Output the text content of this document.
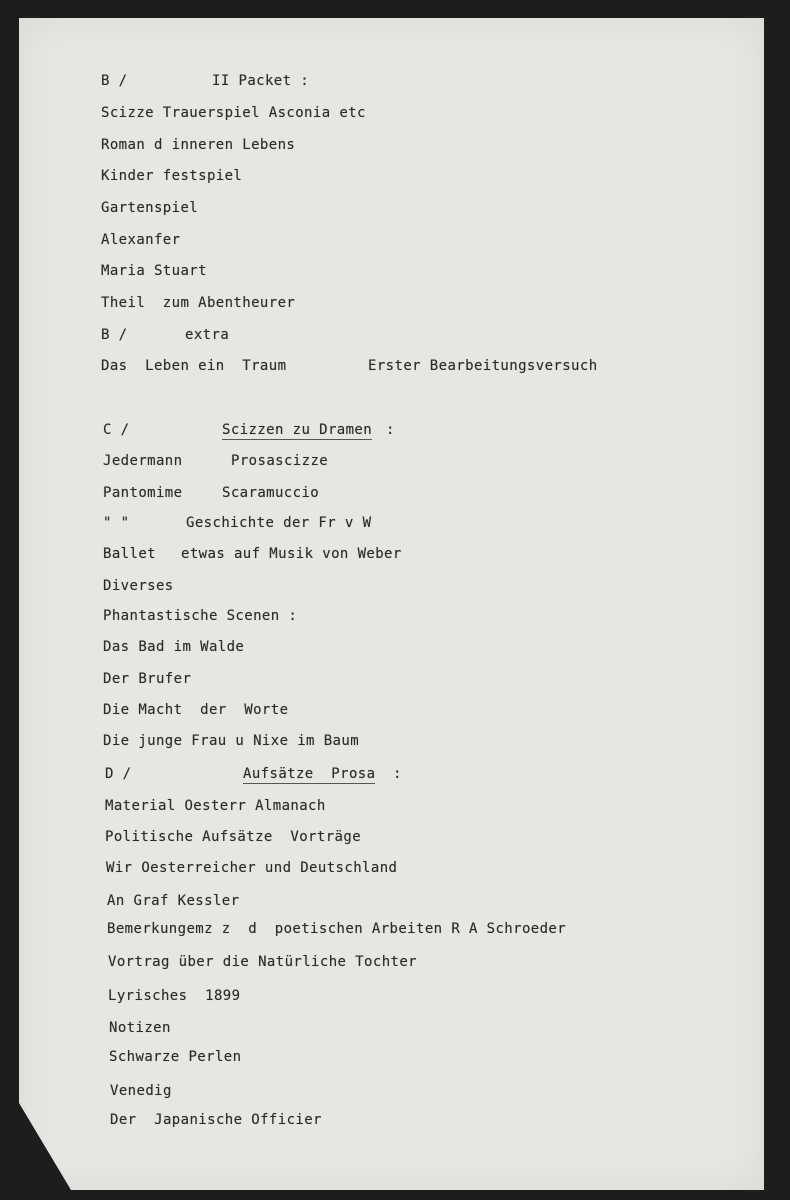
B /	II Packet :
Scizze Trauerspiel Asconia etc
Roman d inneren Lebens
Kinder festspiel
Gartenspiel
Alexanfer
Maria Stuart
Theil  zum Abentheurer
B /	extra
Das  Leben ein  Traum	Erster Bearbeitungsversuch
C /	Scizzen zu Dramen :
Jedermann	Prosascizze
Pantomime	Scaramuccio
" "	Geschichte der Fr v W
Ballet etwas auf Musik von Weber
Diverses
Phantastische Scenen :
Das Bad im Walde
Der Brufer
Die Macht  der  Worte
Die junge Frau u Nixe im Baum
D /	Aufsätze  Prosa :
Material Oesterr Almanach
Politische Aufsätze  Vorträge
Wir Oesterreicher und Deutschland
An Graf Kessler
Bemerkungemz z  d  poetischen Arbeiten R A Schroeder
Vortrag über die Natürliche Tochter
Lyrisches  1899
Notizen
Schwarze Perlen
Venedig
Der  Japanische Officier
